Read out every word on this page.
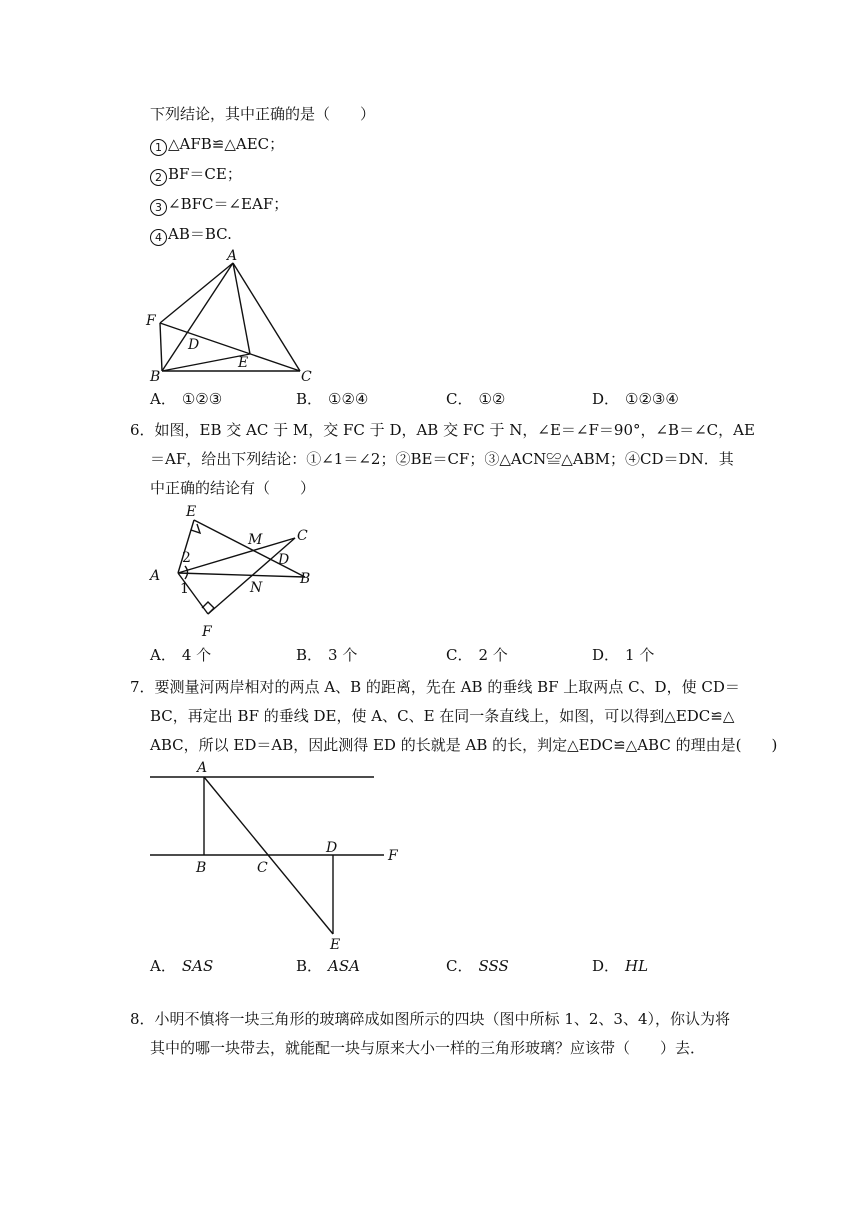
下列结论，其中正确的是（　　）
1 △AFB≌△AEC；
2 BF＝CE；
3 ∠BFC＝∠EAF；
4 AB＝BC.
A
F
D
E
B	C
A． ①②③	B． ①②④	C． ①②	D． ①②③④
6．如图，EB 交 AC 于 M，交 FC 于 D，AB 交 FC 于 N，∠E＝∠F＝90°，∠B＝∠C，AE
＝AF，给出下列结论：①∠1＝∠2；②BE＝CF；③△ACN≌△ABM；④CD＝DN．其
中正确的结论有（　　）
E
C
M
2	D
A	B
1	N
F
A． 4 个	B． 3 个	C． 2 个	D． 1 个
7．要测量河两岸相对的两点 A、B 的距离，先在 AB 的垂线 BF 上取两点 C、D，使 CD＝
BC，再定出 BF 的垂线 DE，使 A、C、E 在同一条直线上，如图，可以得到△EDC≌△
ABC，所以 ED＝AB，因此测得 ED 的长就是 AB 的长，判定△EDC≌△ABC 的理由是(　　)
A
B	C
D	F
E
A． SAS	B． ASA	C． SSS	D． HL
8．小明不慎将一块三角形的玻璃碎成如图所示的四块（图中所标 1、2、3、4），你认为将
其中的哪一块带去，就能配一块与原来大小一样的三角形玻璃？应该带（　　）去．
